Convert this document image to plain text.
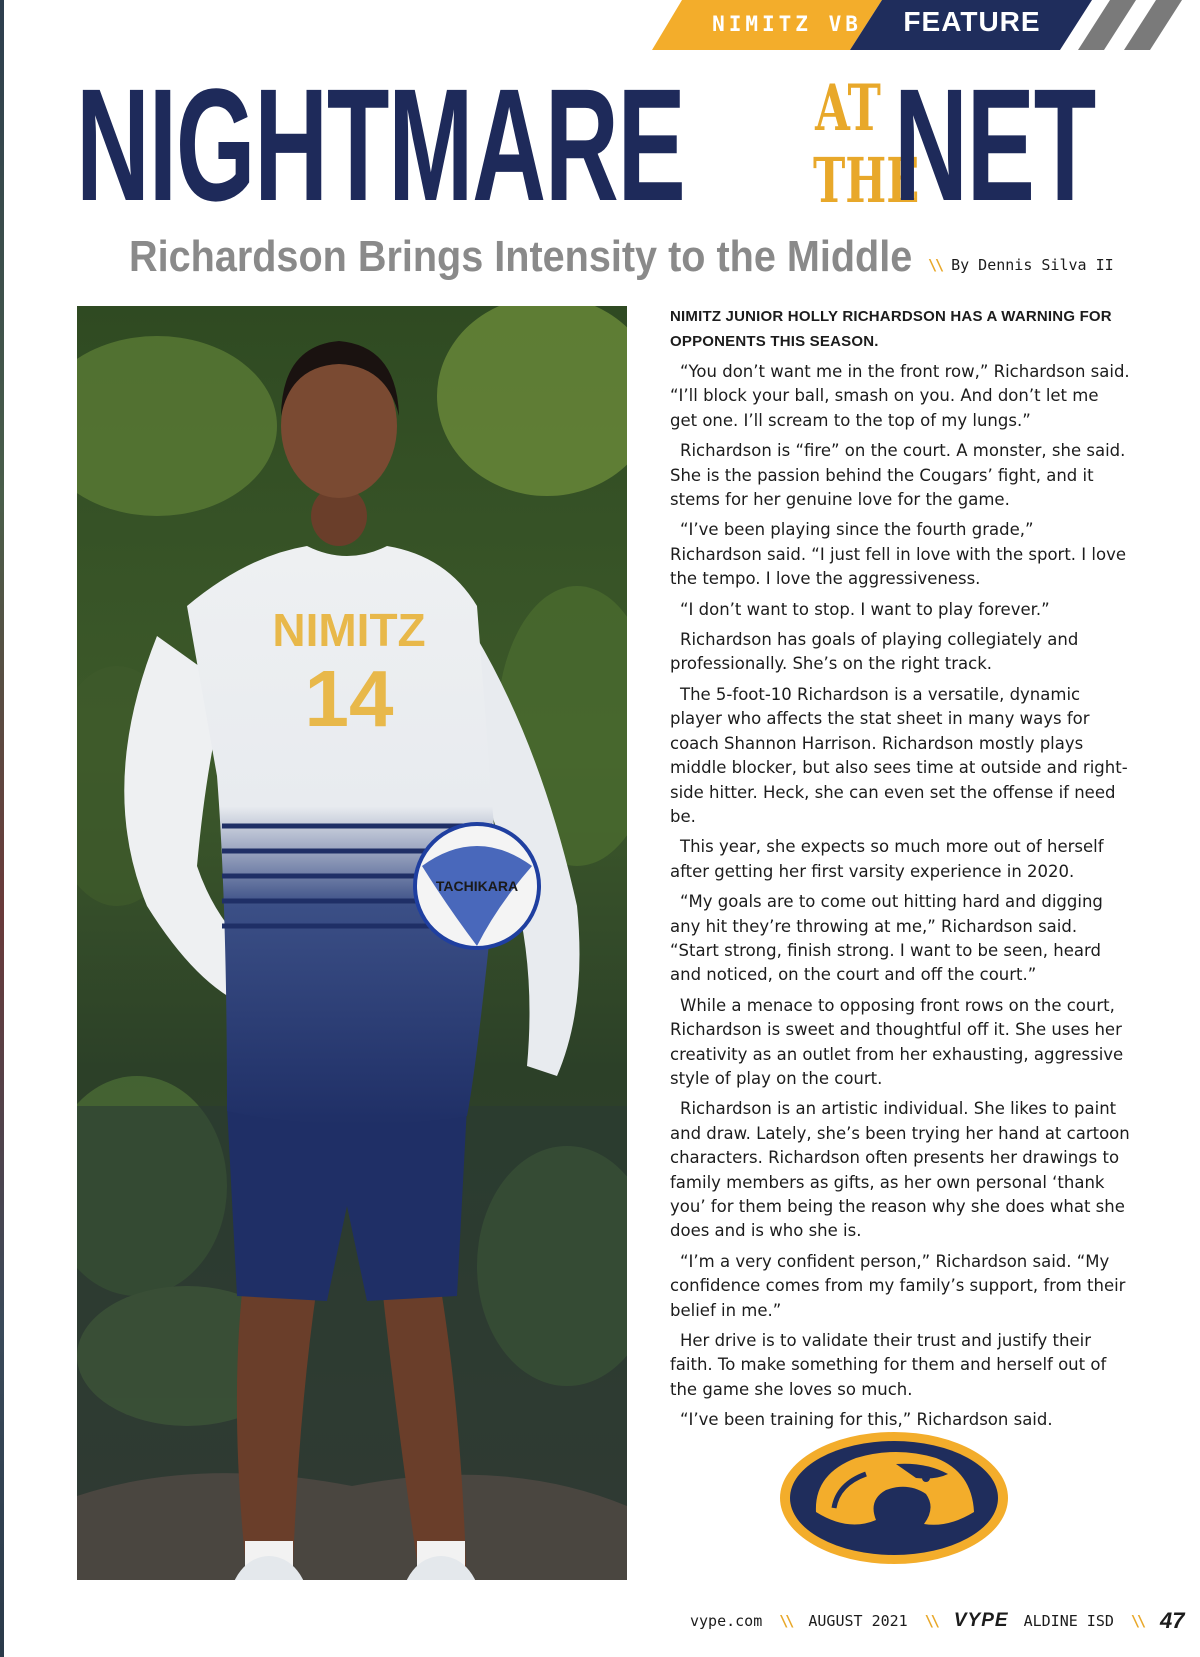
NIMITZ VB	FEATURE
NIGHTMARE AT
THE
NET
Richardson Brings Intensity to the Middle \\ By Dennis Silva II
NIMITZ
14
TACHIKARA

NIMITZ JUNIOR HOLLY RICHARDSON HAS A WARNING FOR OPPONENTS THIS SEASON.

“You don’t want me in the front row,” Richardson said. “I’ll block your ball, smash on you. And don’t let me get one. I’ll scream to the top of my lungs.”

Richardson is “fire” on the court. A monster, she said. She is the passion behind the Cougars’ fight, and it stems for her genuine love for the game.

“I’ve been playing since the fourth grade,” Richardson said. “I just fell in love with the sport. I love the tempo. I love the aggressiveness.

“I don’t want to stop. I want to play forever.”

Richardson has goals of playing collegiately and professionally. She’s on the right track.

The 5-foot-10 Richardson is a versatile, dynamic player who affects the stat sheet in many ways for coach Shannon Harrison. Richardson mostly plays middle blocker, but also sees time at outside and right-side hitter. Heck, she can even set the offense if need be.

This year, she expects so much more out of herself after getting her first varsity experience in 2020.

“My goals are to come out hitting hard and digging any hit they’re throwing at me,” Richardson said. “Start strong, finish strong. I want to be seen, heard and noticed, on the court and off the court.”

While a menace to opposing front rows on the court, Richardson is sweet and thoughtful off it. She uses her creativity as an outlet from her exhausting, aggressive style of play on the court.

Richardson is an artistic individual. She likes to paint and draw. Lately, she’s been trying her hand at cartoon characters. Richardson often presents her drawings to family members as gifts, as her own personal ‘thank you’ for them being the reason why she does what she does and is who she is.

“I’m a very confident person,” Richardson said. “My confidence comes from my family’s support, from their belief in me.”

Her drive is to validate their trust and justify their faith. To make something for them and herself out of the game she loves so much.

“I’ve been training for this,” Richardson said.

vype.com \\ AUGUST 2021 \\ VYPE ALDINE ISD \\ 47
